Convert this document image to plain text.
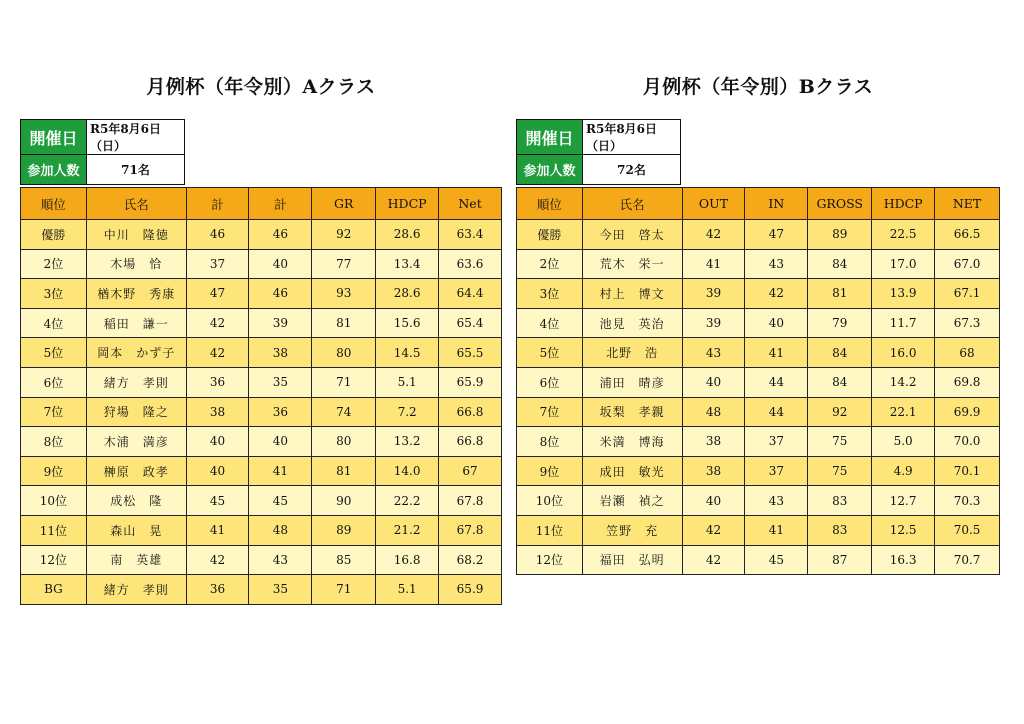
月例杯（年令別）Aクラス
開催日	R5年8月6日（日）
参加人数	71名
順位	氏名	計	計	GR	HDCP	Net
優勝	中川　隆徳	46	46	92	28.6	63.4
2位	木場　恰	37	40	77	13.4	63.6
3位	楢木野　秀康	47	46	93	28.6	64.4
4位	稲田　謙一	42	39	81	15.6	65.4
5位	岡本　かず子	42	38	80	14.5	65.5
6位	緒方　孝則	36	35	71	5.1	65.9
7位	狩場　隆之	38	36	74	7.2	66.8
8位	木浦　満彦	40	40	80	13.2	66.8
9位	榊原　政孝	40	41	81	14.0	67
10位	成松　隆	45	45	90	22.2	67.8
11位	森山　晃	41	48	89	21.2	67.8
12位	南　英雄	42	43	85	16.8	68.2
BG	緒方　孝則	36	35	71	5.1	65.9
月例杯（年令別）Bクラス
開催日	R5年8月6日（日）
参加人数	72名
順位	氏名	OUT	IN	GROSS	HDCP	NET
優勝	今田　啓太	42	47	89	22.5	66.5
2位	荒木　栄一	41	43	84	17.0	67.0
3位	村上　博文	39	42	81	13.9	67.1
4位	池見　英治	39	40	79	11.7	67.3
5位	北野　浩	43	41	84	16.0	68
6位	浦田　晴彦	40	44	84	14.2	69.8
7位	坂梨　孝親	48	44	92	22.1	69.9
8位	米満　博海	38	37	75	5.0	70.0
9位	成田　敏光	38	37	75	4.9	70.1
10位	岩瀬　禎之	40	43	83	12.7	70.3
11位	笠野　充	42	41	83	12.5	70.5
12位	福田　弘明	42	45	87	16.3	70.7
